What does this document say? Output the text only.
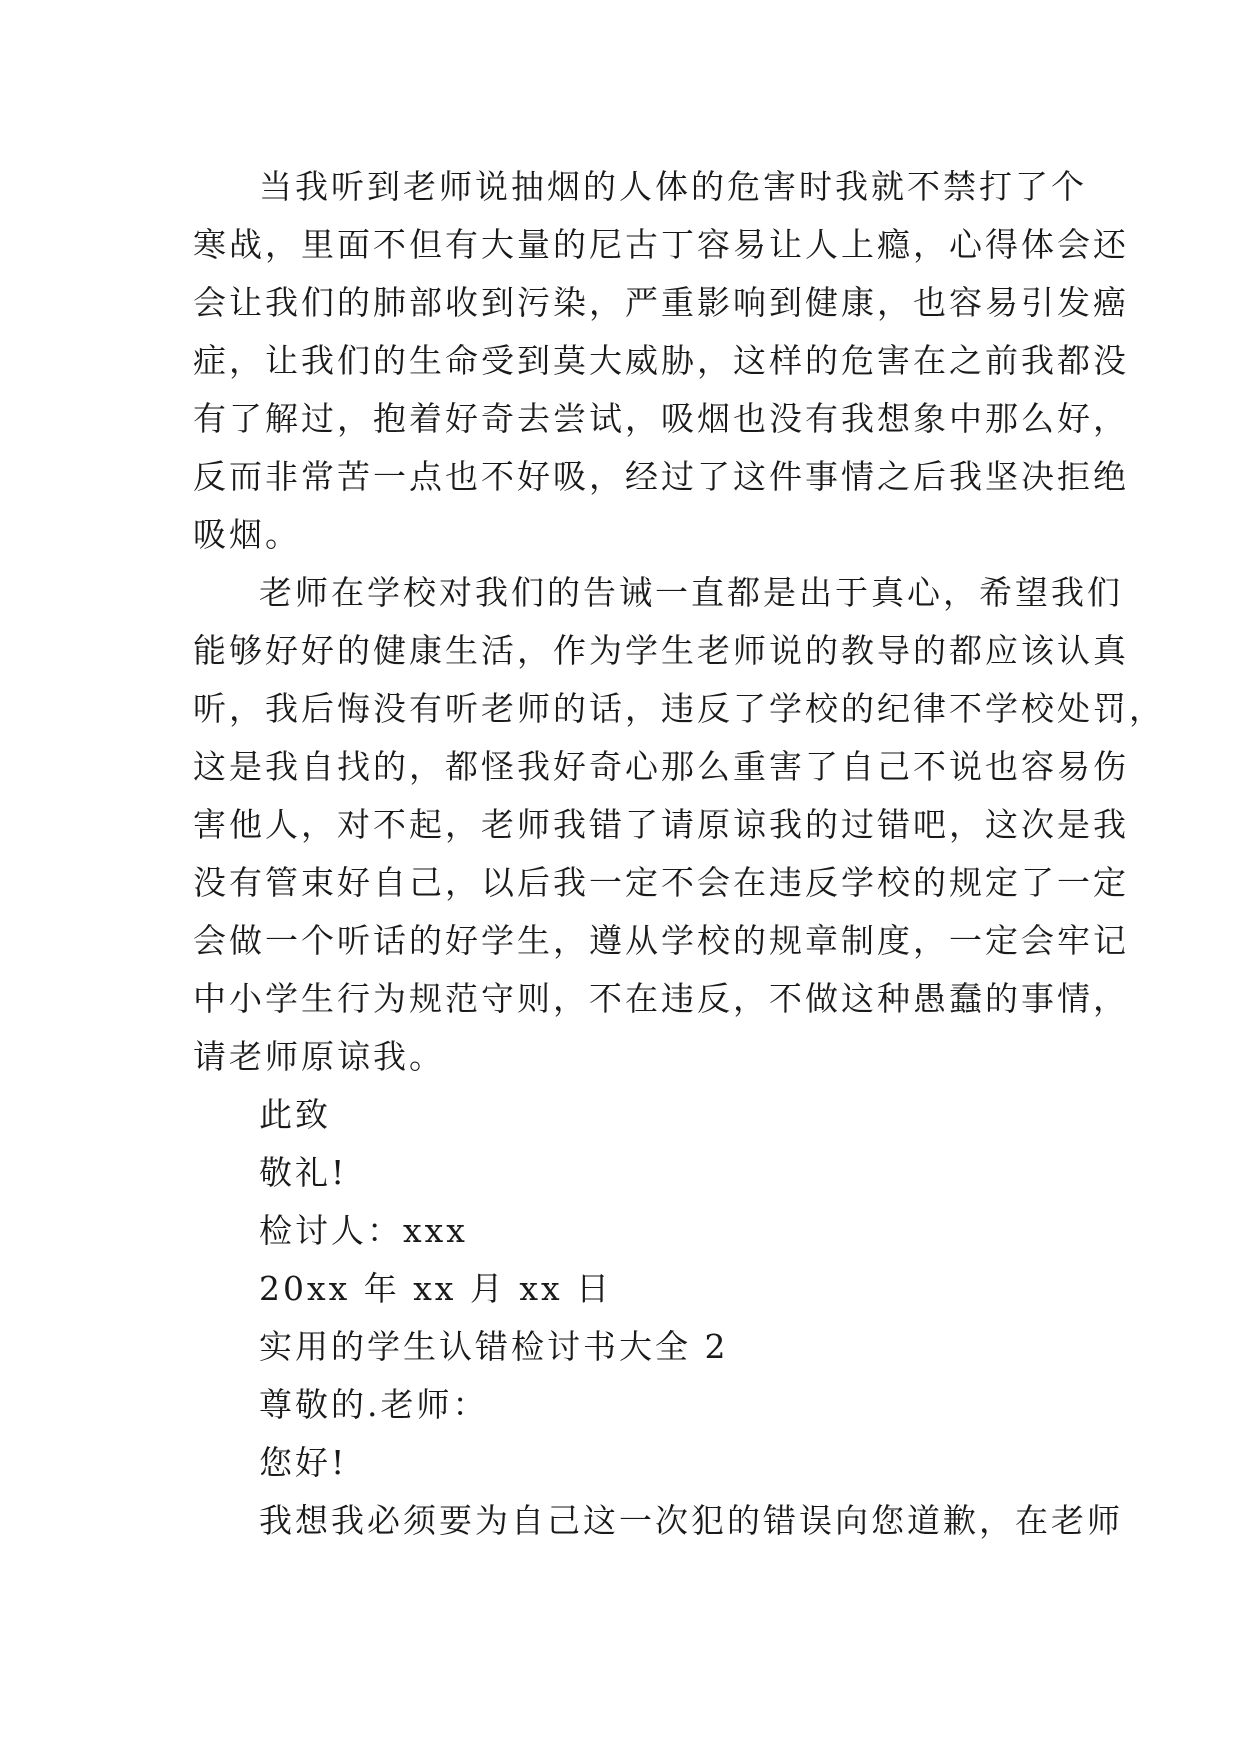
当我听到老师说抽烟的人体的危害时我就不禁打了个
寒战，里面不但有大量的尼古丁容易让人上瘾，心得体会还
会让我们的肺部收到污染，严重影响到健康，也容易引发癌
症，让我们的生命受到莫大威胁，这样的危害在之前我都没
有了解过，抱着好奇去尝试，吸烟也没有我想象中那么好，
反而非常苦一点也不好吸，经过了这件事情之后我坚决拒绝
吸烟。
老师在学校对我们的告诫一直都是出于真心，希望我们
能够好好的健康生活，作为学生老师说的教导的都应该认真
听，我后悔没有听老师的话，违反了学校的纪律不学校处罚，
这是我自找的，都怪我好奇心那么重害了自己不说也容易伤
害他人，对不起，老师我错了请原谅我的过错吧，这次是我
没有管束好自己，以后我一定不会在违反学校的规定了一定
会做一个听话的好学生，遵从学校的规章制度，一定会牢记
中小学生行为规范守则，不在违反，不做这种愚蠢的事情，
请老师原谅我。
此致
敬礼!
检讨人：xxx
20xx 年 xx 月 xx 日
实用的学生认错检讨书大全 2
尊敬的.老师：
您好!
我想我必须要为自己这一次犯的错误向您道歉，在老师
